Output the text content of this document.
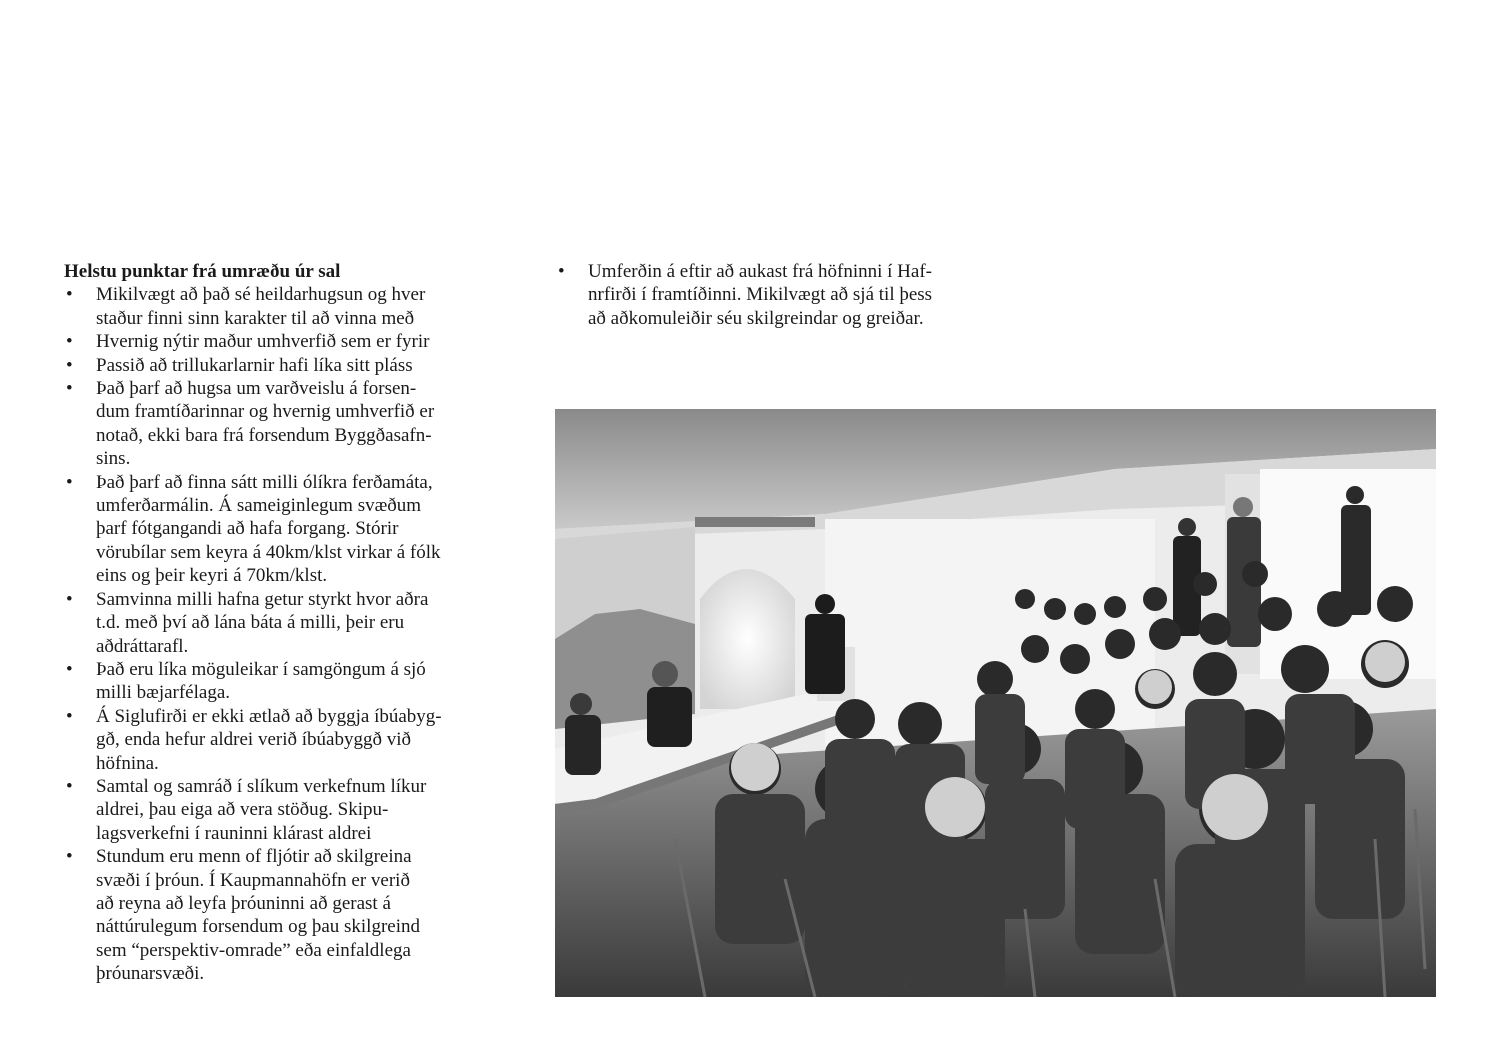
Helstu punktar frá umræðu úr sal

• Mikilvægt að það sé heildarhugsun og hver
staður finni sinn karakter til að vinna með
• Hvernig nýtir maður umhverfið sem er fyrir
• Passið að trillukarlarnir hafi líka sitt pláss
• Það þarf að hugsa um varðveislu á forsen-
dum framtíðarinnar og hvernig umhverfið er
notað, ekki bara frá forsendum Byggðasafn-
sins.
• Það þarf að finna sátt milli ólíkra ferðamáta,
umferðarmálin. Á sameiginlegum svæðum
þarf fótgangandi að hafa forgang. Stórir
vörubílar sem keyra á 40km/klst virkar á fólk
eins og þeir keyri á 70km/klst.
• Samvinna milli hafna getur styrkt hvor aðra
t.d. með því að lána báta á milli, þeir eru
aðdráttarafl.
• Það eru líka möguleikar í samgöngum á sjó
milli bæjarfélaga.
• Á Siglufirði er ekki ætlað að byggja íbúabyg-
gð, enda hefur aldrei verið íbúabyggð við
höfnina.
• Samtal og samráð í slíkum verkefnum líkur
aldrei, þau eiga að vera stöðug. Skipu-
lagsverkefni í rauninni klárast aldrei
• Stundum eru menn of fljótir að skilgreina
svæði í þróun. Í Kaupmannahöfn er verið
að reyna að leyfa þróuninni að gerast á
náttúrulegum forsendum og þau skilgreind
sem “perspektiv-omrade” eða einfaldlega
þróunarsvæði.
• Umferðin á eftir að aukast frá höfninni í Haf-
nrfirði í framtíðinni. Mikilvægt að sjá til þess
að aðkomuleiðir séu skilgreindar og greiðar.
